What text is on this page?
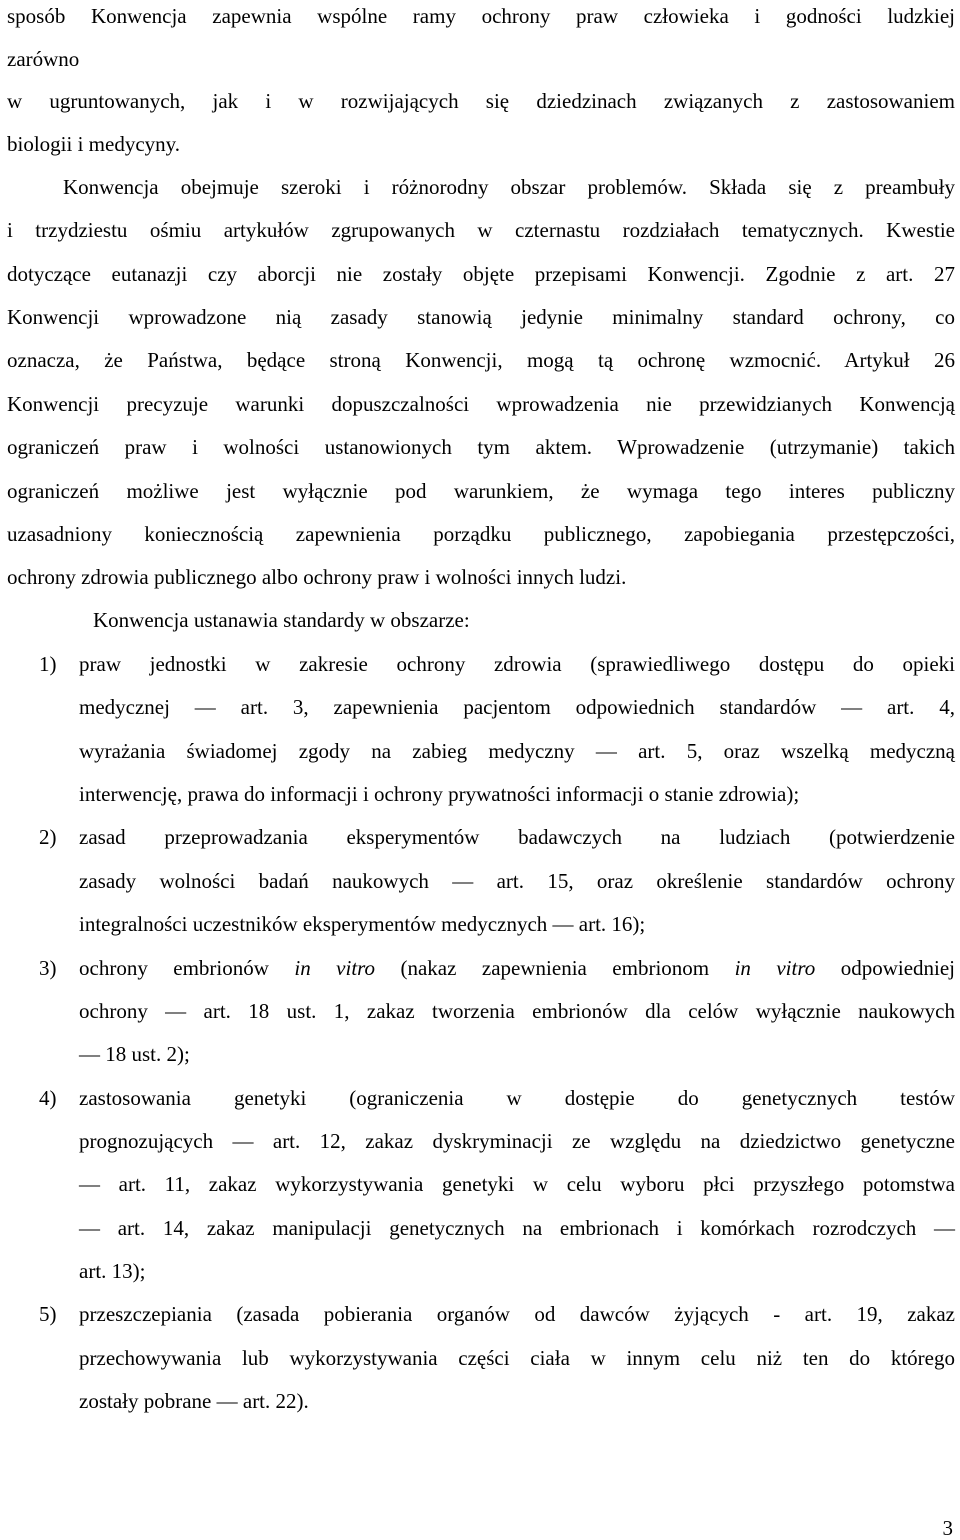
sposób Konwencja zapewnia wspólne ramy ochrony praw człowieka i godności ludzkiej
zarówno
w ugruntowanych, jak i w rozwijających się dziedzinach związanych z zastosowaniem
biologii i medycyny.
Konwencja obejmuje szeroki i różnorodny obszar problemów. Składa się z preambuły
i trzydziestu ośmiu artykułów zgrupowanych w czternastu rozdziałach tematycznych. Kwestie
dotyczące eutanazji czy aborcji nie zostały objęte przepisami Konwencji. Zgodnie z art. 27
Konwencji wprowadzone nią zasady stanowią jedynie minimalny standard ochrony, co
oznacza, że Państwa, będące stroną Konwencji, mogą tą ochronę wzmocnić. Artykuł 26
Konwencji precyzuje warunki dopuszczalności wprowadzenia nie przewidzianych Konwencją
ograniczeń praw i wolności ustanowionych tym aktem. Wprowadzenie (utrzymanie) takich
ograniczeń możliwe jest wyłącznie pod warunkiem, że wymaga tego interes publiczny
uzasadniony koniecznością zapewnienia porządku publicznego, zapobiegania przestępczości,
ochrony zdrowia publicznego albo ochrony praw i wolności innych ludzi.
Konwencja ustanawia standardy w obszarze:
1) praw jednostki w zakresie ochrony zdrowia (sprawiedliwego dostępu do opieki
medycznej — art. 3, zapewnienia pacjentom odpowiednich standardów — art. 4,
wyrażania świadomej zgody na zabieg medyczny — art. 5, oraz wszelką medyczną
interwencję, prawa do informacji i ochrony prywatności informacji o stanie zdrowia);
2) zasad przeprowadzania eksperymentów badawczych na ludziach (potwierdzenie
zasady wolności badań naukowych — art. 15, oraz określenie standardów ochrony
integralności uczestników eksperymentów medycznych — art. 16);
3) ochrony embrionów in vitro (nakaz zapewnienia embrionom in vitro odpowiedniej
ochrony — art. 18 ust. 1, zakaz tworzenia embrionów dla celów wyłącznie naukowych
— 18 ust. 2);
4) zastosowania genetyki (ograniczenia w dostępie do genetycznych testów
prognozujących — art. 12, zakaz dyskryminacji ze względu na dziedzictwo genetyczne
— art. 11, zakaz wykorzystywania genetyki w celu wyboru płci przyszłego potomstwa
— art. 14, zakaz manipulacji genetycznych na embrionach i komórkach rozrodczych —
art. 13);
5) przeszczepiania (zasada pobierania organów od dawców żyjących - art. 19, zakaz
przechowywania lub wykorzystywania części ciała w innym celu niż ten do którego
zostały pobrane — art. 22).
3
